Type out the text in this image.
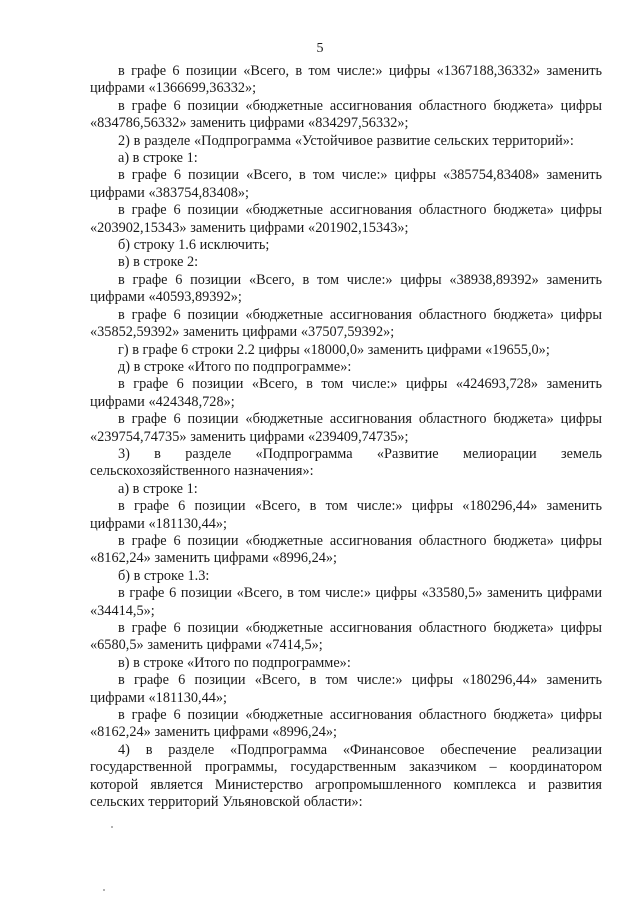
5

в графе 6 позиции «Всего, в том числе:» цифры «1367188,36332» заменить цифрами «1366699,36332»;

в графе 6 позиции «бюджетные ассигнования областного бюджета» цифры «834786,56332» заменить цифрами «834297,56332»;

2) в разделе «Подпрограмма «Устойчивое развитие сельских территорий»:

а) в строке 1:

в графе 6 позиции «Всего, в том числе:» цифры «385754,83408» заменить цифрами «383754,83408»;

в графе 6 позиции «бюджетные ассигнования областного бюджета» цифры «203902,15343» заменить цифрами «201902,15343»;

б) строку 1.6 исключить;

в) в строке 2:

в графе 6 позиции «Всего, в том числе:» цифры «38938,89392» заменить цифрами «40593,89392»;

в графе 6 позиции «бюджетные ассигнования областного бюджета» цифры «35852,59392» заменить цифрами «37507,59392»;

г) в графе 6 строки 2.2 цифры «18000,0» заменить цифрами «19655,0»;

д) в строке «Итого по подпрограмме»:

в графе 6 позиции «Всего, в том числе:» цифры «424693,728» заменить цифрами «424348,728»;

в графе 6 позиции «бюджетные ассигнования областного бюджета» цифры «239754,74735» заменить цифрами «239409,74735»;

3) в разделе «Подпрограмма «Развитие мелиорации земель сельскохозяйственного назначения»:

а) в строке 1:

в графе 6 позиции «Всего, в том числе:» цифры «180296,44» заменить цифрами «181130,44»;

в графе 6 позиции «бюджетные ассигнования областного бюджета» цифры «8162,24» заменить цифрами «8996,24»;

б) в строке 1.3:

в графе 6 позиции «Всего, в том числе:» цифры «33580,5» заменить цифрами «34414,5»;

в графе 6 позиции «бюджетные ассигнования областного бюджета» цифры «6580,5» заменить цифрами «7414,5»;

в) в строке «Итого по подпрограмме»:

в графе 6 позиции «Всего, в том числе:» цифры «180296,44» заменить цифрами «181130,44»;

в графе 6 позиции «бюджетные ассигнования областного бюджета» цифры «8162,24» заменить цифрами «8996,24»;

4) в разделе «Подпрограмма «Финансовое обеспечение реализации государственной программы, государственным заказчиком – координатором которой является Министерство агропромышленного комплекса и развития сельских территорий Ульяновской области»:
